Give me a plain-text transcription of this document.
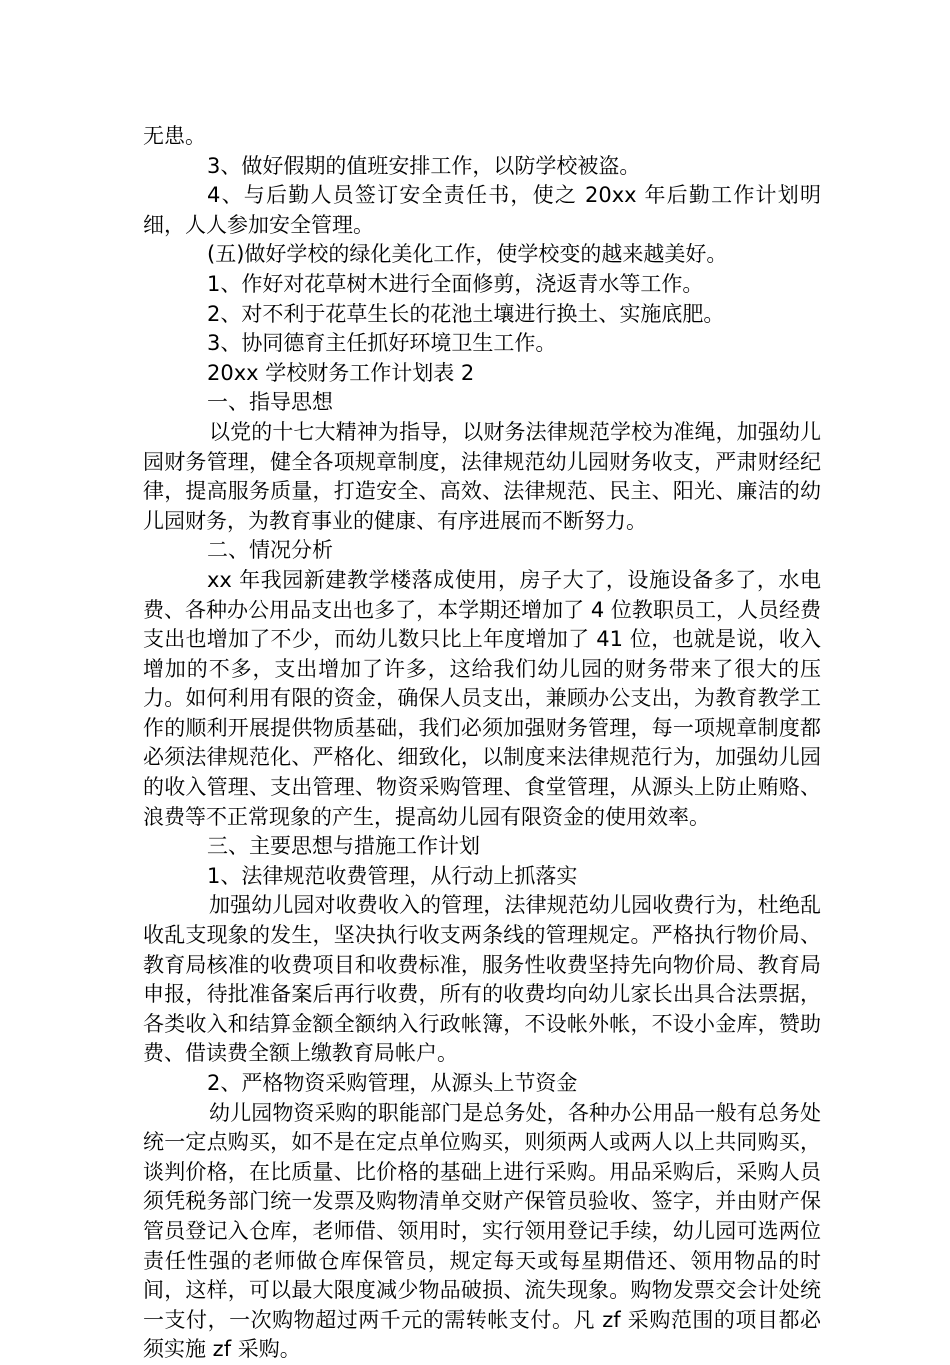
无患。

3、做好假期的值班安排工作，以防学校被盗。

4、与后勤人员签订安全责任书，使之 20xx 年后勤工作计划明细，人人参加安全管理。

(五)做好学校的绿化美化工作，使学校变的越来越美好。

1、作好对花草树木进行全面修剪，浇返青水等工作。

2、对不利于花草生长的花池土壤进行换土、实施底肥。

3、协同德育主任抓好环境卫生工作。

20xx 学校财务工作计划表 2

一、指导思想

以党的十七大精神为指导，以财务法律规范学校为准绳，加强幼儿园财务管理，健全各项规章制度，法律规范幼儿园财务收支，严肃财经纪律，提高服务质量，打造安全、高效、法律规范、民主、阳光、廉洁的幼儿园财务，为教育事业的健康、有序进展而不断努力。

二、情况分析

xx 年我园新建教学楼落成使用，房子大了，设施设备多了，水电费、各种办公用品支出也多了，本学期还增加了 4 位教职员工，人员经费支出也增加了不少，而幼儿数只比上年度增加了 41 位，也就是说，收入增加的不多，支出增加了许多，这给我们幼儿园的财务带来了很大的压力。如何利用有限的资金，确保人员支出，兼顾办公支出，为教育教学工作的顺利开展提供物质基础，我们必须加强财务管理，每一项规章制度都必须法律规范化、严格化、细致化，以制度来法律规范行为，加强幼儿园的收入管理、支出管理、物资采购管理、食堂管理，从源头上防止贿赂、浪费等不正常现象的产生，提高幼儿园有限资金的使用效率。

三、主要思想与措施工作计划

1、法律规范收费管理，从行动上抓落实

加强幼儿园对收费收入的管理，法律规范幼儿园收费行为，杜绝乱收乱支现象的发生，坚决执行收支两条线的管理规定。严格执行物价局、教育局核准的收费项目和收费标准，服务性收费坚持先向物价局、教育局申报，待批准备案后再行收费，所有的收费均向幼儿家长出具合法票据，各类收入和结算金额全额纳入行政帐簿，不设帐外帐，不设小金库，赞助费、借读费全额上缴教育局帐户。

2、严格物资采购管理，从源头上节资金

幼儿园物资采购的职能部门是总务处，各种办公用品一般有总务处统一定点购买，如不是在定点单位购买，则须两人或两人以上共同购买，谈判价格，在比质量、比价格的基础上进行采购。用品采购后，采购人员须凭税务部门统一发票及购物清单交财产保管员验收、签字，并由财产保管员登记入仓库，老师借、领用时，实行领用登记手续，幼儿园可选两位责任性强的老师做仓库保管员，规定每天或每星期借还、领用物品的时间，这样，可以最大限度减少物品破损、流失现象。购物发票交会计处统一支付，一次购物超过两千元的需转帐支付。凡 zf 采购范围的项目都必须实施 zf 采购。
